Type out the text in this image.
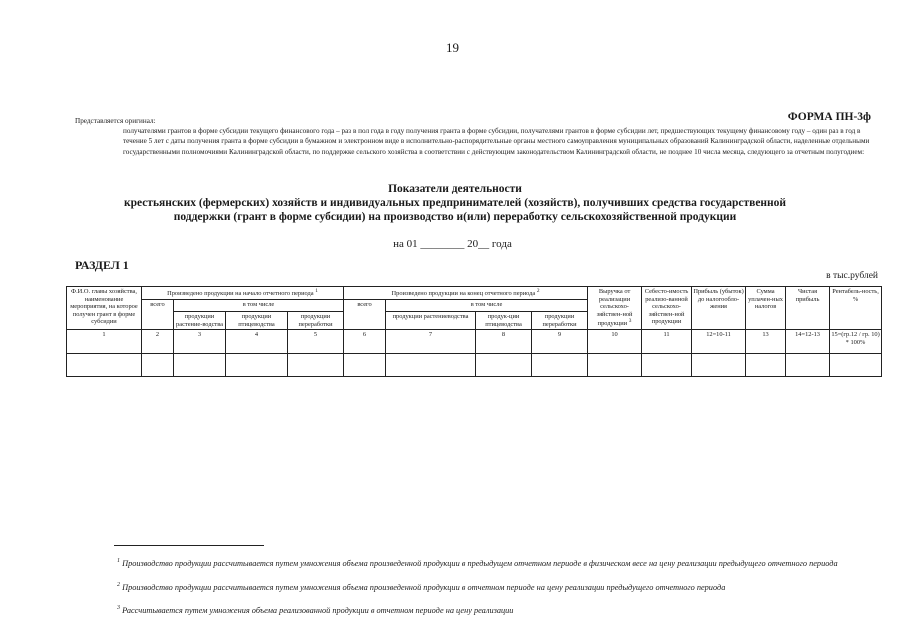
19
ФОРМА ПН-3ф
Представляется оригинал:
получателями грантов в форме субсидии текущего финансового года – раз в пол года в году получения гранта в форме субсидии, получателями грантов в форме субсидии лет, предшествующих текущему финансовому году – один раз в год в течение 5 лет с даты получения гранта в форме субсидии в бумажном и электронном виде в исполнительно-распорядительные органы местного самоуправления муниципальных образований Калининградской области, наделенные отдельными государственными полномочиями Калининградской области, по поддержке сельского хозяйства в соответствии с действующим законодательством Калининградской области, не позднее 10 числа месяца, следующего за отчетным полугодием:
Показатели деятельности
крестьянских (фермерских) хозяйств и индивидуальных предпринимателей (хозяйств), получивших средства государственной
поддержки (грант в форме субсидии) на производство и(или) переработку сельскохозяйственной продукции
на 01 ________ 20__ года
РАЗДЕЛ 1
в тыс.рублей
Ф.И.О. главы хозяйства, наименование мероприятия, на которое получен грант в форме субсидии	Произведено продукции на начало отчетного периода $^1$				Произведено продукции на конец отчетного периода $^2$				Выручка от реализации сельскохо-зяйствен-ной продукции $^3$	Себесто-имость реализо-ванной сельскохо-зяйствен-ной продукции	Прибыль (убыток) до налогообло-жения	Сумма уплачен-ных налогов	Чистая прибыль	Рентабель-ность, %
	всего	в том числе			всего	в том числе								
		продукции растение-водства	продукции птицеводства	продукции переработки		продукции растениеводства	продук-ции птицеводства	продукции переработки						
1	2	3	4	5	6	7	8	9	10	11	12=10-11	13	14=12-13	15=(гр.12 / гр. 10) * 100%

$^1$ Производство продукции рассчитывается путем умножения объема произведенной продукции в предыдущем отчетном периоде в физическом весе на цену реализации предыдущего отчетного периода
$^2$ Производство продукции рассчитывается путем умножения объема произведенной продукции в отчетном периоде на цену реализации предыдущего отчетного периода
$^3$ Рассчитывается путем умножения объема реализованной продукции в отчетном периоде на цену реализации
